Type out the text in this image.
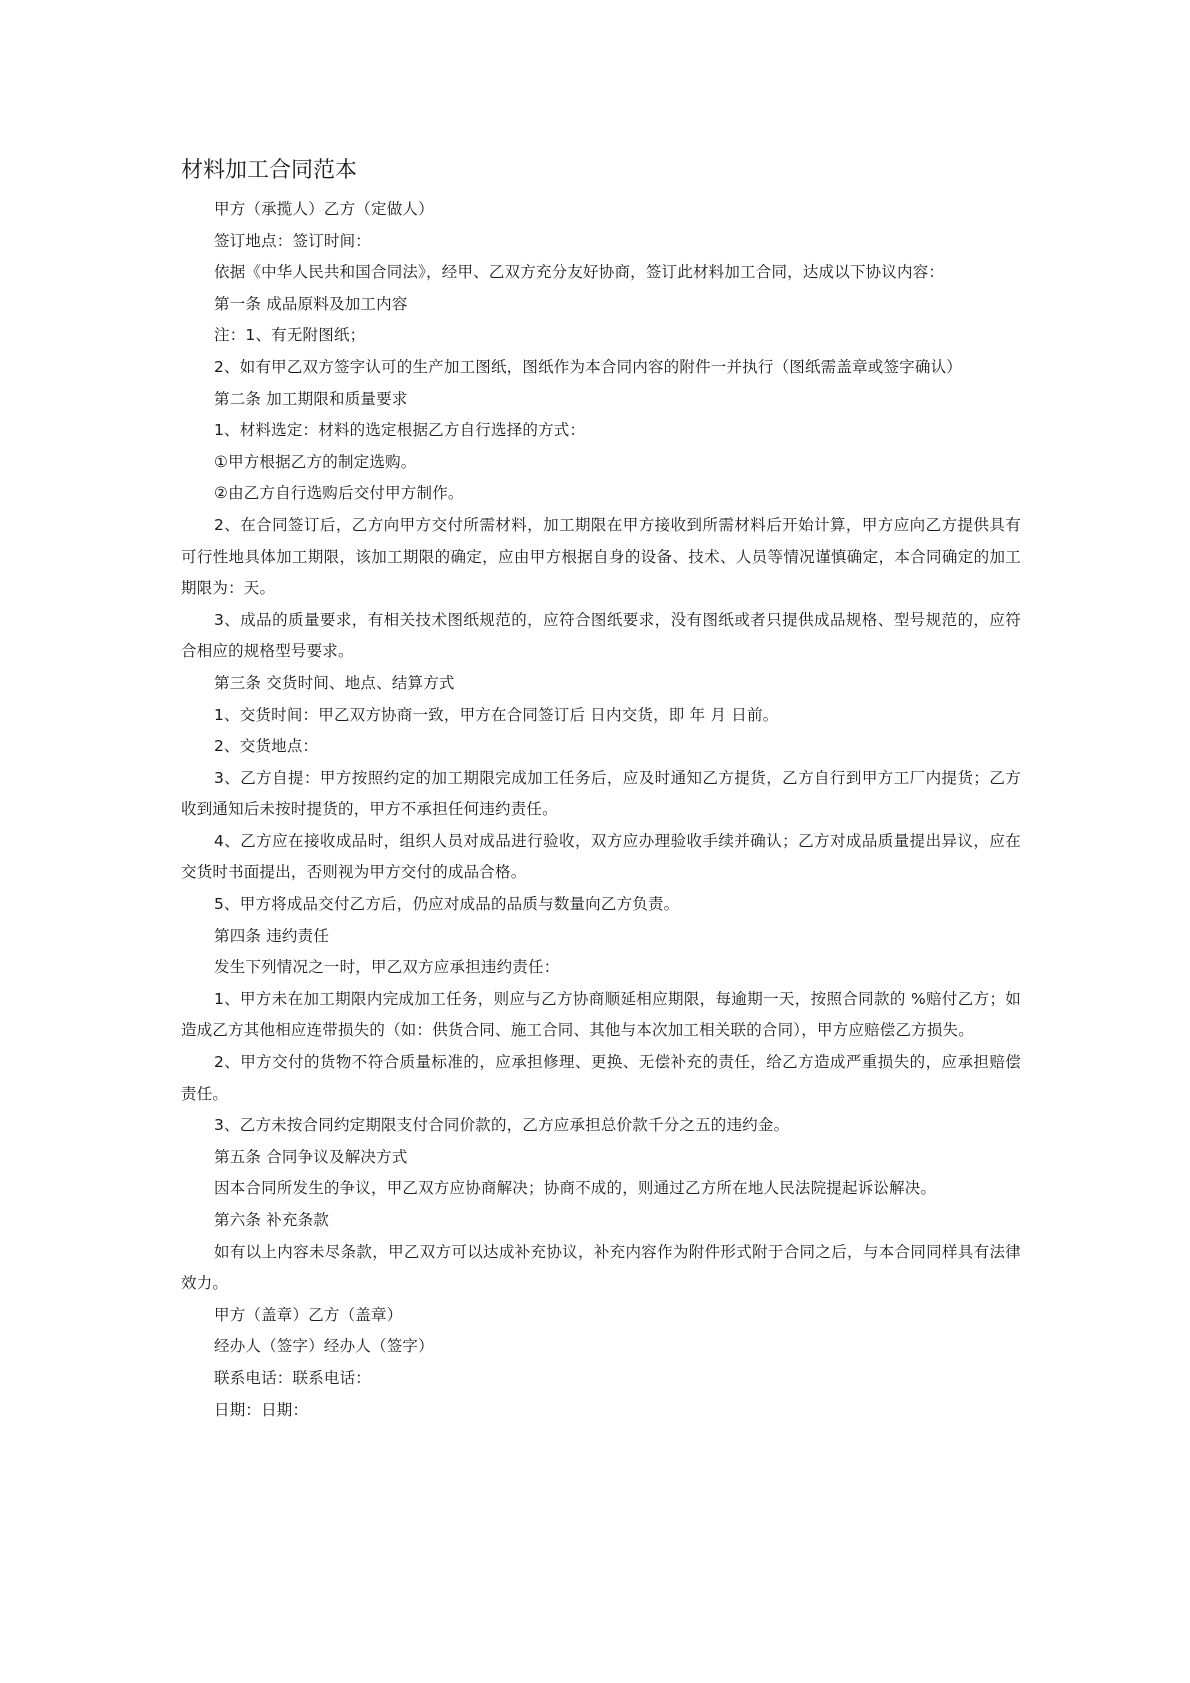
材料加工合同范本

甲方（承揽人）乙方（定做人）

签订地点：签订时间：

依据《中华人民共和国合同法》，经甲、乙双方充分友好协商，签订此材料加工合同，达成以下协议内容：

第一条 成品原料及加工内容

注：1、有无附图纸；

2、如有甲乙双方签字认可的生产加工图纸，图纸作为本合同内容的附件一并执行（图纸需盖章或签字确认）

第二条 加工期限和质量要求

1、材料选定：材料的选定根据乙方自行选择的方式：

①甲方根据乙方的制定选购。

②由乙方自行选购后交付甲方制作。

2、在合同签订后，乙方向甲方交付所需材料，加工期限在甲方接收到所需材料后开始计算，甲方应向乙方提供具有可行性地具体加工期限，该加工期限的确定，应由甲方根据自身的设备、技术、人员等情况谨慎确定，本合同确定的加工期限为：天。

3、成品的质量要求，有相关技术图纸规范的，应符合图纸要求，没有图纸或者只提供成品规格、型号规范的，应符合相应的规格型号要求。

第三条 交货时间、地点、结算方式

1、交货时间：甲乙双方协商一致，甲方在合同签订后 日内交货，即 年 月 日前。

2、交货地点：

3、乙方自提：甲方按照约定的加工期限完成加工任务后，应及时通知乙方提货，乙方自行到甲方工厂内提货；乙方收到通知后未按时提货的，甲方不承担任何违约责任。

4、乙方应在接收成品时，组织人员对成品进行验收，双方应办理验收手续并确认；乙方对成品质量提出异议，应在交货时书面提出，否则视为甲方交付的成品合格。

5、甲方将成品交付乙方后，仍应对成品的品质与数量向乙方负责。

第四条 违约责任

发生下列情况之一时，甲乙双方应承担违约责任：

1、甲方未在加工期限内完成加工任务，则应与乙方协商顺延相应期限，每逾期一天，按照合同款的 %赔付乙方；如造成乙方其他相应连带损失的（如：供货合同、施工合同、其他与本次加工相关联的合同），甲方应赔偿乙方损失。

2、甲方交付的货物不符合质量标准的，应承担修理、更换、无偿补充的责任，给乙方造成严重损失的，应承担赔偿责任。

3、乙方未按合同约定期限支付合同价款的，乙方应承担总价款千分之五的违约金。

第五条 合同争议及解决方式

因本合同所发生的争议，甲乙双方应协商解决；协商不成的，则通过乙方所在地人民法院提起诉讼解决。

第六条 补充条款

如有以上内容未尽条款，甲乙双方可以达成补充协议，补充内容作为附件形式附于合同之后，与本合同同样具有法律效力。

甲方（盖章）乙方（盖章）

经办人（签字）经办人（签字）

联系电话：联系电话：

日期：日期：
